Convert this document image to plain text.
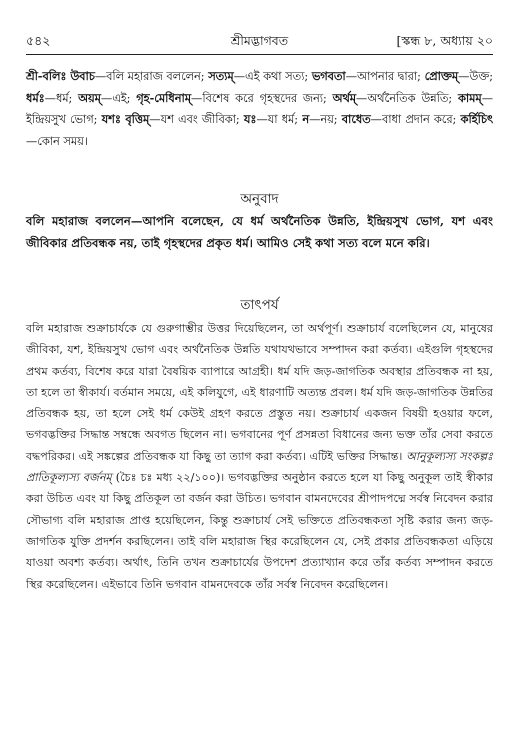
৫৪২	শ্রীমদ্ভাগবত	[স্কন্ধ ৮, অধ্যায় ২০
শ্রী-বলিঃ উবাচ—বলি মহারাজ বললেন; সত্যম্—এই কথা সত্য; ভগবতা—আপনার দ্বারা; প্রোক্তম্—উক্ত; ধর্মঃ—ধর্ম; অয়ম্—এই; গৃহ-মেধিনাম্—বিশেষ করে গৃহস্থদের জন্য; অর্থম্—অর্থনৈতিক উন্নতি; কামম্—ইন্দ্রিয়সুখ ভোগ; যশঃ বৃত্তিম্—যশ এবং জীবিকা; যঃ—যা ধর্ম; ন—নয়; বাধেত—বাধা প্রদান করে; কর্হিচিৎ—কোন সময়।
অনুবাদ
বলি মহারাজ বললেন—আপনি বলেছেন, যে ধর্ম অর্থনৈতিক উন্নতি, ইন্দ্রিয়সুখ ভোগ, যশ এবং জীবিকার প্রতিবন্ধক নয়, তাই গৃহস্থদের প্রকৃত ধর্ম। আমিও সেই কথা সত্য বলে মনে করি।
তাৎপর্য
বলি মহারাজ শুক্রাচার্যকে যে গুরুগাম্ভীর উত্তর দিয়েছিলেন, তা অর্থপূর্ণ। শুক্রাচার্য বলেছিলেন যে, মানুষের জীবিকা, যশ, ইন্দ্রিয়সুখ ভোগ এবং অর্থনৈতিক উন্নতি যথাযথভাবে সম্পাদন করা কর্তব্য। এইগুলি গৃহস্থদের প্রথম কর্তব্য, বিশেষ করে যারা বৈষয়িক ব্যাপারে আগ্রহী। ধর্ম যদি জড়-জাগতিক অবস্থার প্রতিবন্ধক না হয়, তা হলে তা স্বীকার্য। বর্তমান সময়ে, এই কলিযুগে, এই ধারণাটি অত্যন্ত প্রবল। ধর্ম যদি জড়-জাগতিক উন্নতির প্রতিবন্ধক হয়, তা হলে সেই ধর্ম কেউই গ্রহণ করতে প্রস্তুত নয়। শুক্রাচার্য একজন বিষয়ী হওয়ার ফলে, ভগবদ্ভক্তির সিদ্ধান্ত সম্বন্ধে অবগত ছিলেন না। ভগবানের পূর্ণ প্রসন্নতা বিধানের জন্য ভক্ত তাঁর সেবা করতে বদ্ধপরিকর। এই সঙ্কল্পের প্রতিবন্ধক যা কিছু তা ত্যাগ করা কর্তব্য। এটিই ভক্তির সিদ্ধান্ত। আনুকূল্যস্য সংকল্পঃ প্রাতিকূল্যস্য বর্জনম্ (চৈঃ চঃ মধ্য ২২/১০০)। ভগবদ্ভক্তির অনুষ্ঠান করতে হলে যা কিছু অনুকূল তাই স্বীকার করা উচিত এবং যা কিছু প্রতিকূল তা বর্জন করা উচিত। ভগবান বামনদেবের শ্রীপাদপদ্মে সর্বস্ব নিবেদন করার সৌভাগ্য বলি মহারাজ প্রাপ্ত হয়েছিলেন, কিন্তু শুক্রাচার্য সেই ভক্তিতে প্রতিবন্ধকতা সৃষ্টি করার জন্য জড়-জাগতিক যুক্তি প্রদর্শন করছিলেন। তাই বলি মহারাজ স্থির করেছিলেন যে, সেই প্রকার প্রতিবন্ধকতা এড়িয়ে যাওয়া অবশ্য কর্তব্য। অর্থাৎ, তিনি তখন শুক্রাচার্যের উপদেশ প্রত্যাখ্যান করে তাঁর কর্তব্য সম্পাদন করতে স্থির করেছিলেন। এইভাবে তিনি ভগবান বামনদেবকে তাঁর সর্বস্ব নিবেদন করেছিলেন।
